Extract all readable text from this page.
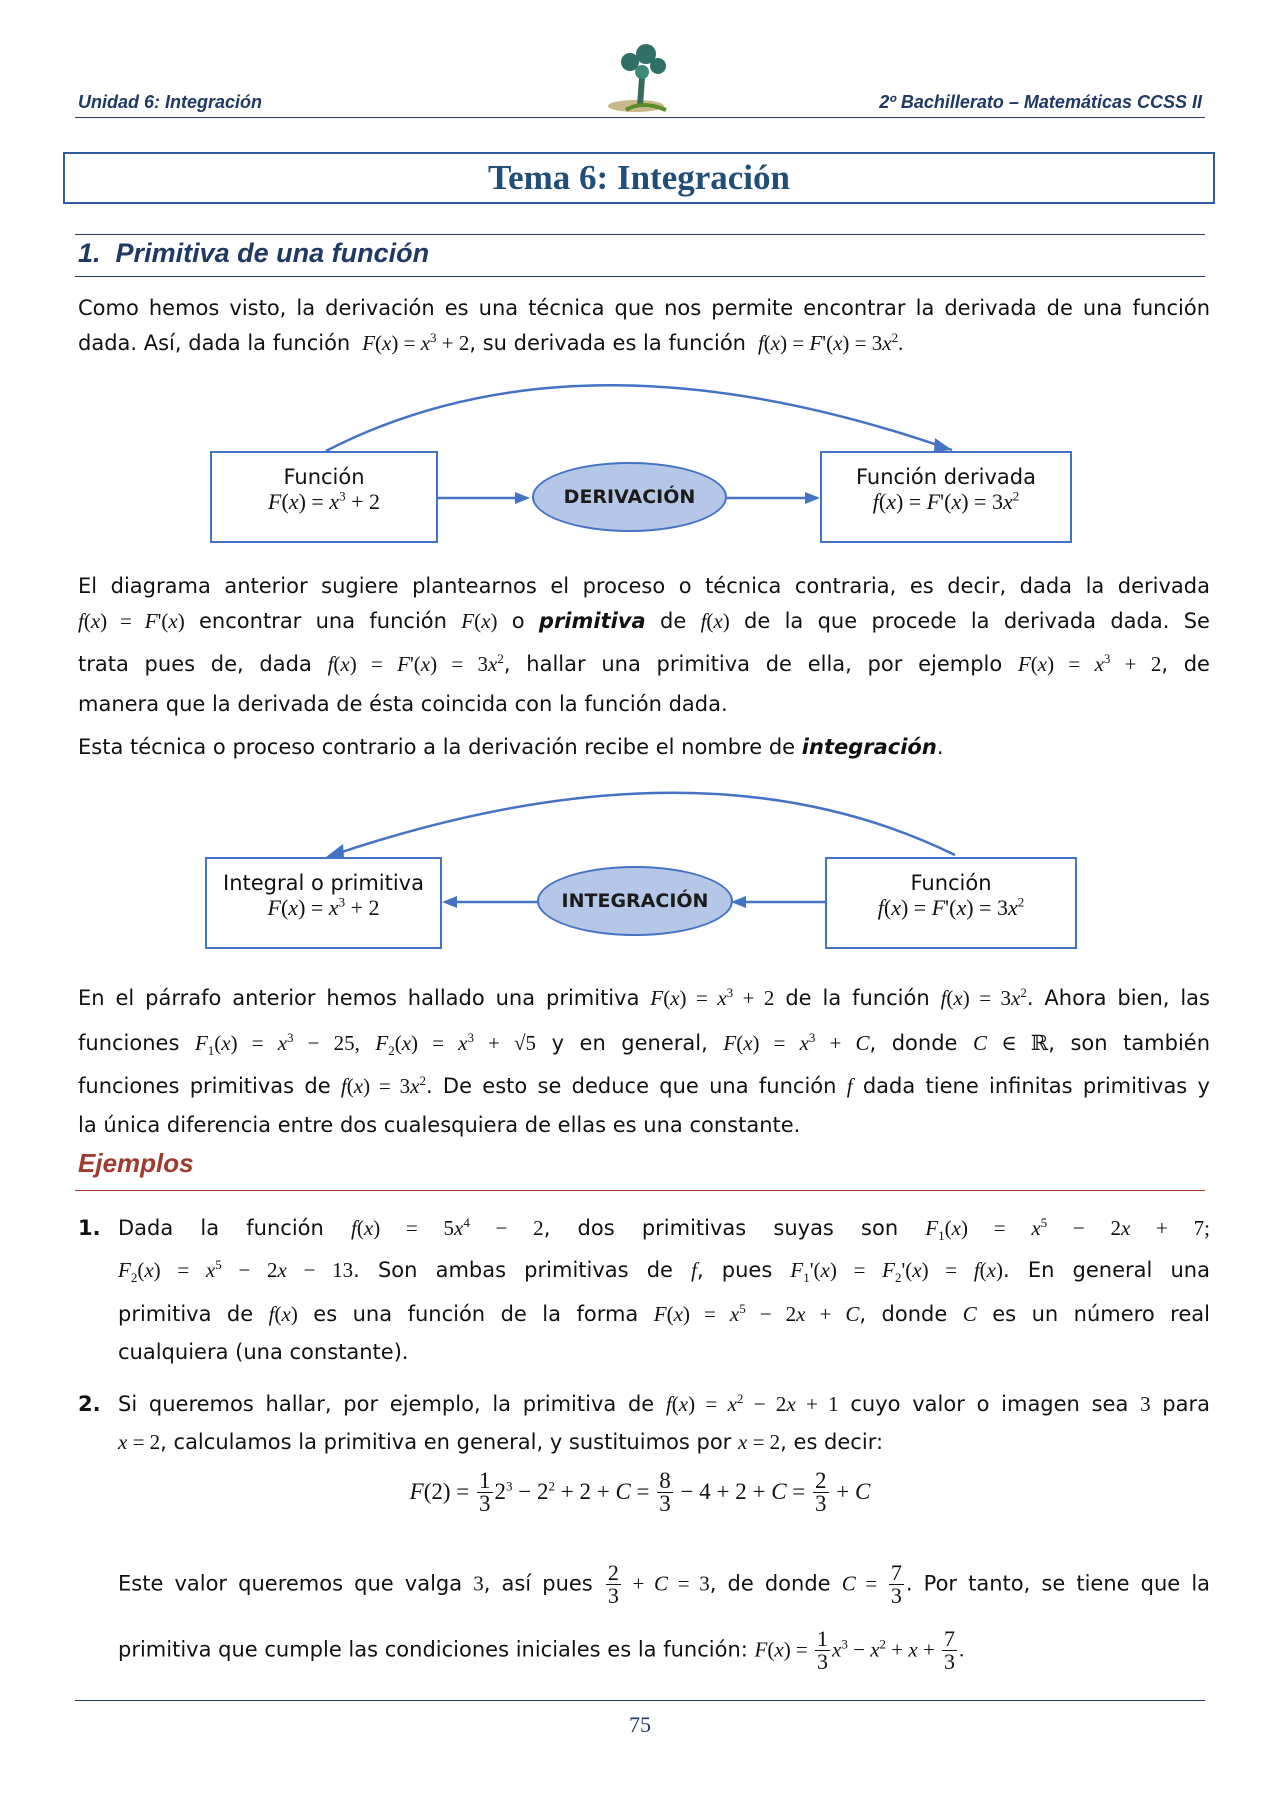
Unidad 6: Integración	2º Bachillerato – Matemáticas CCSS II
Tema 6: Integración
1. Primitiva de una función
Como hemos visto, la derivación es una técnica que nos permite encontrar la derivada de una función
dada. Así, dada la función  $F(x) = x^3 + 2$, su derivada es la función  $f(x) = F'(x) = 3x^2$.
Función
$F(x) = x^3 + 2$	DERIVACIÓN
Función derivada
$f(x) = F'(x) = 3x^2$
El diagrama anterior sugiere plantearnos el proceso o técnica contraria, es decir, dada la derivada
f(x) = F'(x) encontrar una función F(x) o primitiva de f(x) de la que procede la derivada dada. Se
trata pues de, dada $f(x) = F'(x) = 3x^2$, hallar una primitiva de ella, por ejemplo $F(x) = x^3 + 2$, de
manera que la derivada de ésta coincida con la función dada.
Esta técnica o proceso contrario a la derivación recibe el nombre de integración.
Integral o primitiva
$F(x) = x^3 + 2$	INTEGRACIÓN
Función
$f(x) = F'(x) = 3x^2$
En el párrafo anterior hemos hallado una primitiva $F(x) = x^3 + 2$ de la función $f(x) = 3x^2$. Ahora bien, las
funciones $F_1(x) = x^3 - 25$, $F_2(x) = x^3 + √5$ y en general, $F(x) = x^3 + C$, donde C ∈ ℝ, son también
funciones primitivas de $f(x) = 3x^2$. De esto se deduce que una función f dada tiene infinitas primitivas y
la única diferencia entre dos cualesquiera de ellas es una constante.
Ejemplos
1. Dada la función $f(x) = 5x^4 - 2$, dos primitivas suyas son $F_1(x) = x^5 - 2x + 7$;
$F_2(x) = x^5 - 2x - 13$. Son ambas primitivas de f, pues $F_1'(x) = F_2'(x) = f(x)$. En general una
primitiva de f(x) es una función de la forma $F(x) = x^5 - 2x + C$, donde C es un número real
cualquiera (una constante).
2. Si queremos hallar, por ejemplo, la primitiva de $f(x) = x^2 - 2x + 1$ cuyo valor o imagen sea 3 para
x = 2, calculamos la primitiva en general, y sustituimos por x = 2, es decir:
$F(2) = \frac{1}{3} 2^3 - 2^2 + 2 + C = \frac{8}{3} - 4 + 2 + C = \frac{2}{3} + C$
Este valor queremos que valga 3, así pues $\frac{2}{3} + C = 3$, de donde $C = \frac{7}{3}$ . Por tanto, se tiene que la
primitiva que cumple las condiciones iniciales es la función: $F(x) = \frac{1}{3} x^3 - x^2 + x + \frac{7}{3}$ .
75
